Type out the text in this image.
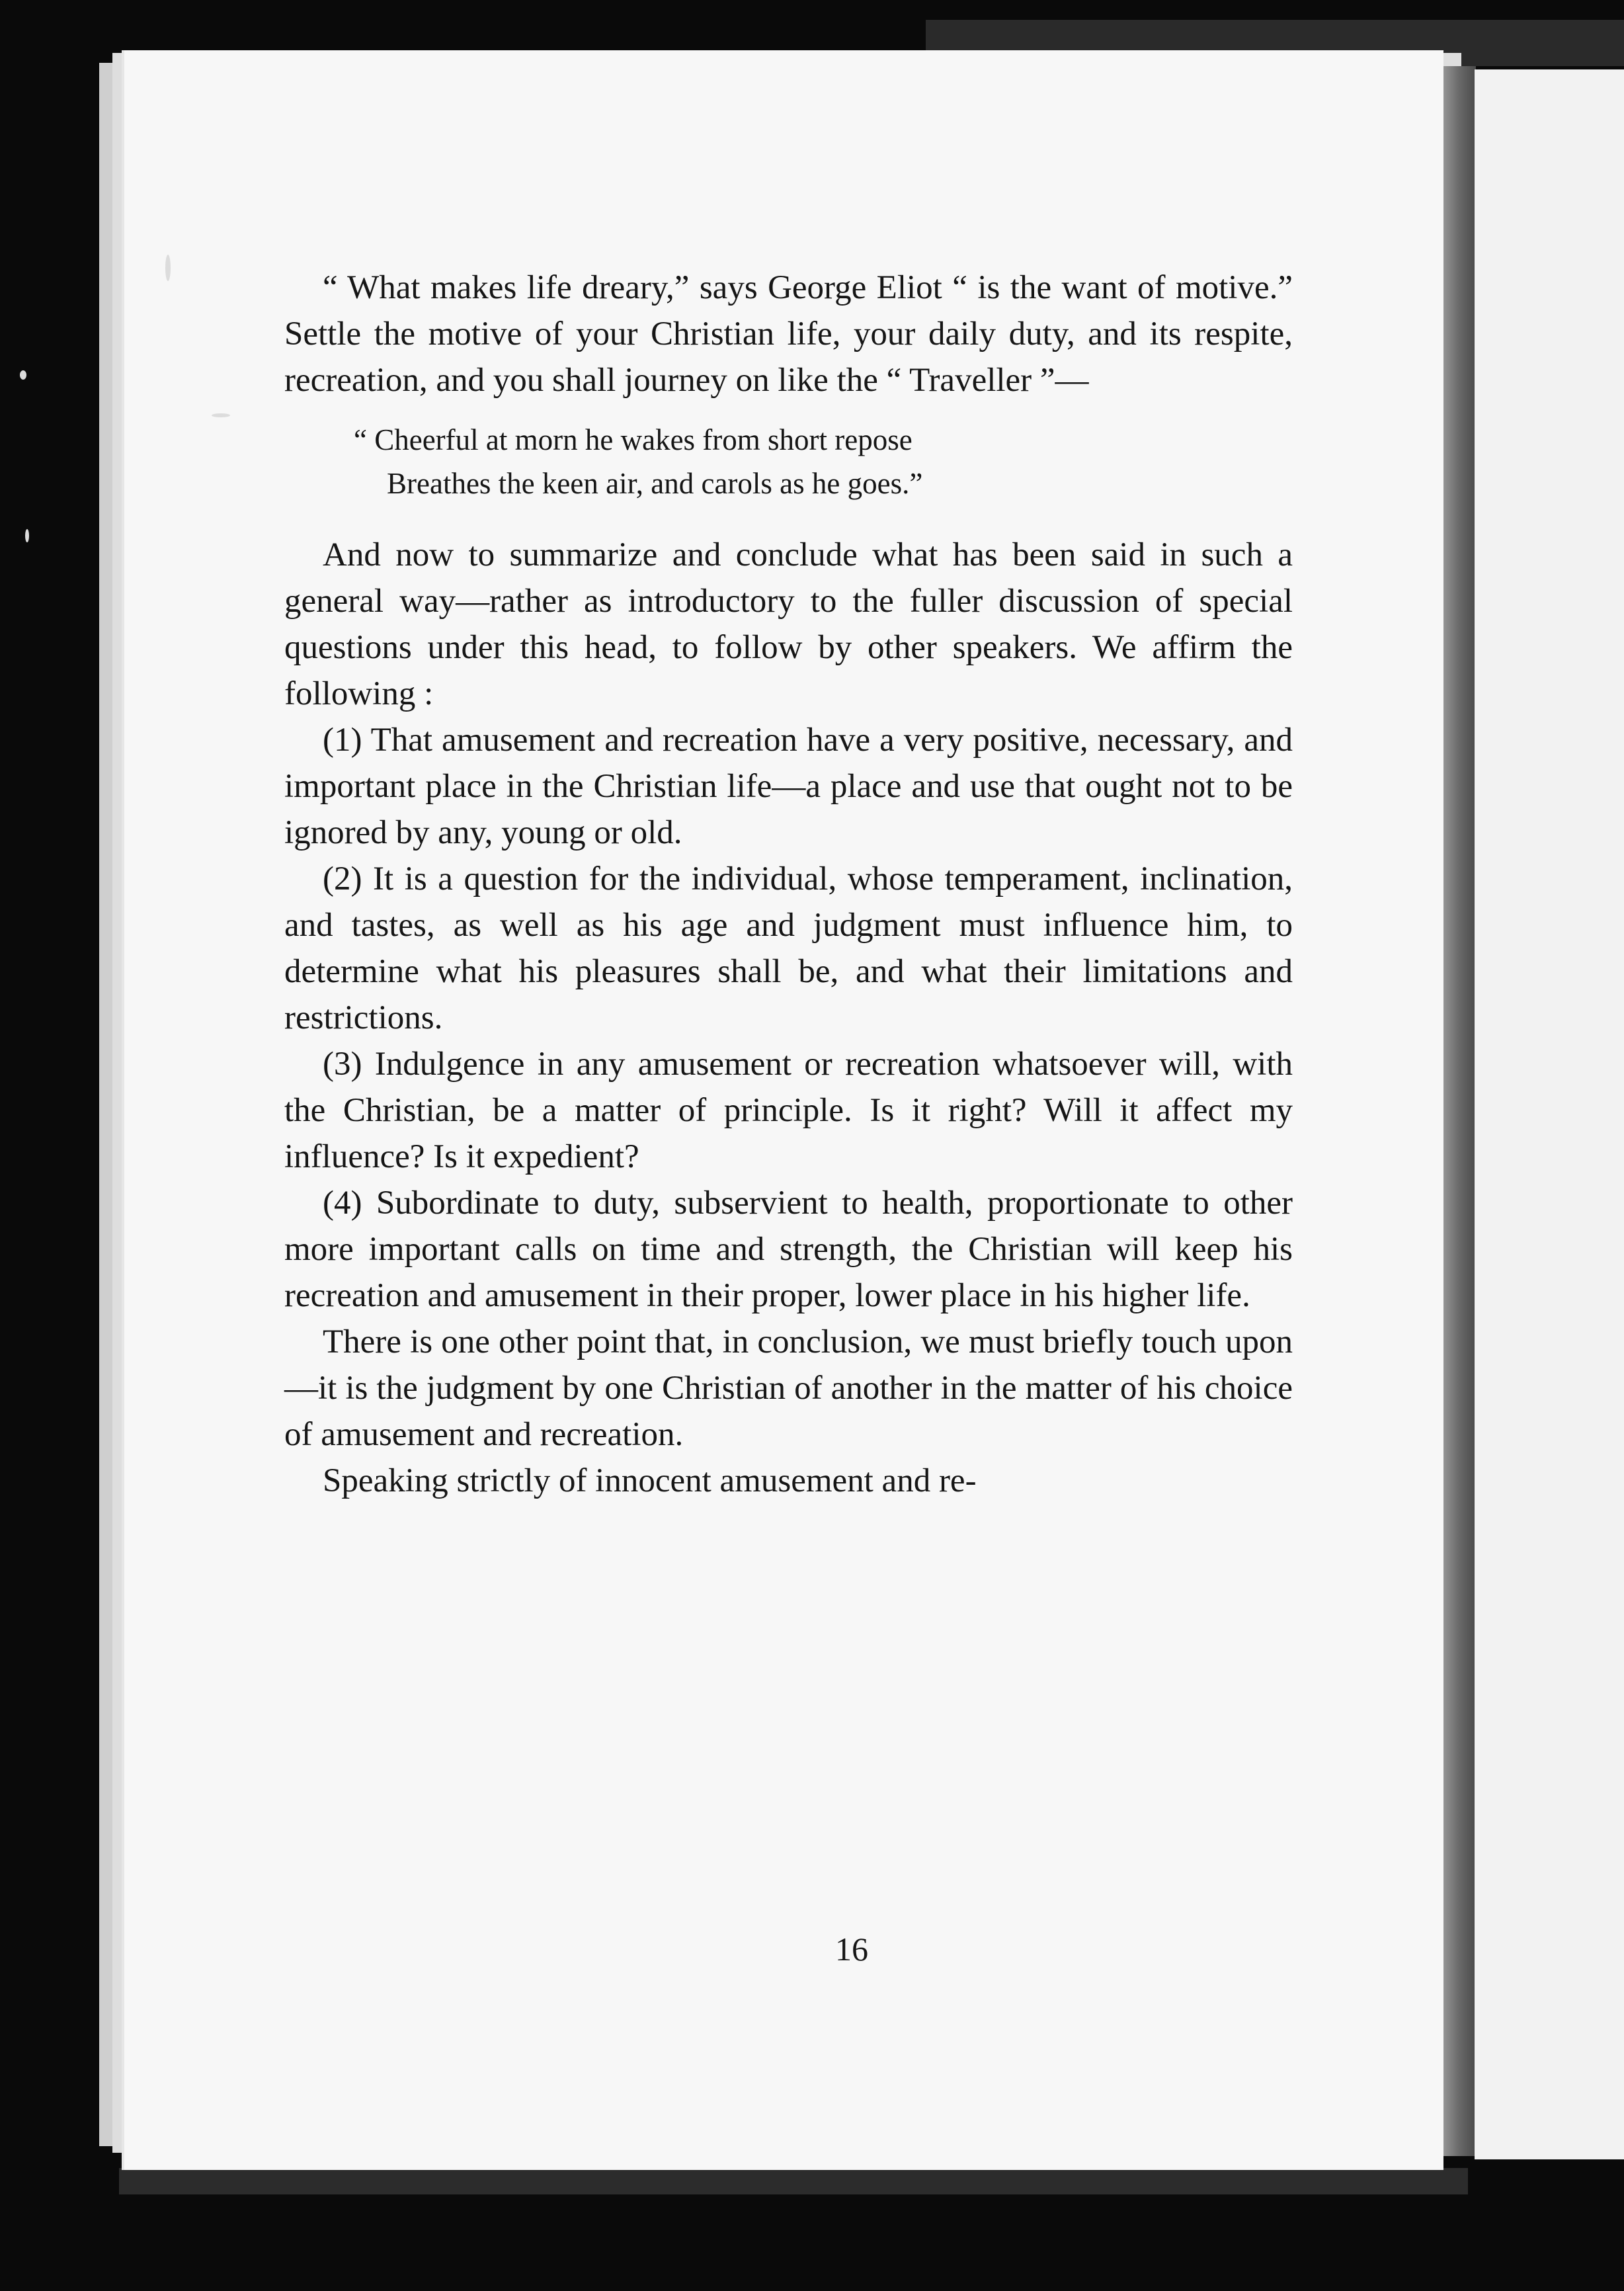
“ What makes life dreary,” says George Eliot “ is the want of motive.” Settle the motive of your Christian life, your daily duty, and its respite, recreation, and you shall journey on like the “ Traveller ”—

“ Cheerful at morn he wakes from short repose
Breathes the keen air, and carols as he goes.”

And now to summarize and conclude what has been said in such a general way—rather as introductory to the fuller discussion of special questions under this head, to follow by other speakers. We affirm the following :

(1) That amusement and recreation have a very positive, necessary, and important place in the Christian life—a place and use that ought not to be ignored by any, young or old.

(2) It is a question for the individual, whose temperament, inclination, and tastes, as well as his age and judgment must influence him, to determine what his pleasures shall be, and what their limitations and restrictions.

(3) Indulgence in any amusement or recreation whatsoever will, with the Christian, be a matter of principle. Is it right? Will it affect my influence? Is it expedient?

(4) Subordinate to duty, subservient to health, proportionate to other more important calls on time and strength, the Christian will keep his recreation and amusement in their proper, lower place in his higher life.

There is one other point that, in conclusion, we must briefly touch upon—it is the judgment by one Christian of another in the matter of his choice of amusement and recreation.

Speaking strictly of innocent amusement and re-

16
